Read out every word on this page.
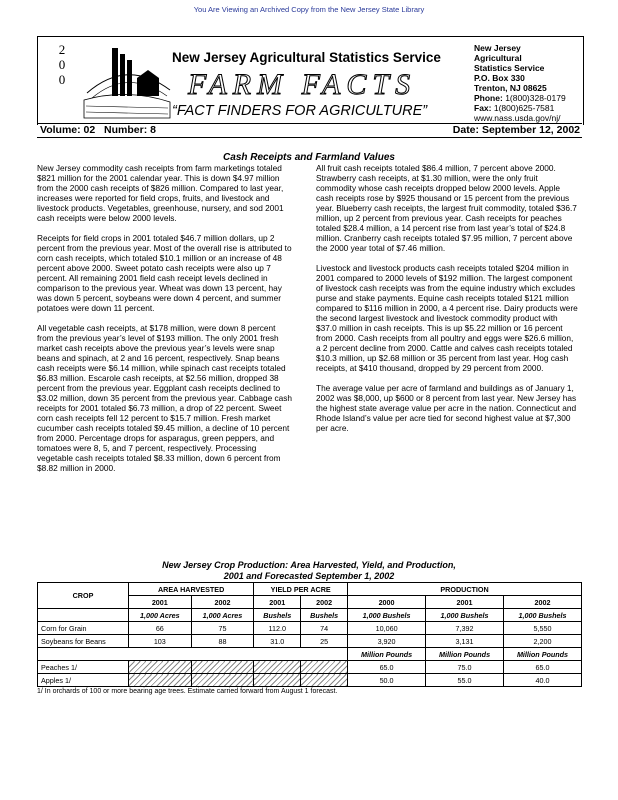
You Are Viewing an Archived Copy from the New Jersey State Library
2
0
0
New Jersey Agricultural Statistics Service
FARM FACTS
“FACT FINDERS FOR AGRICULTURE”
New Jersey
Agricultural
Statistics Service
P.O. Box 330
Trenton, NJ 08625
Phone: 1(800)328-0179
Fax: 1(800)625-7581
www.nass.usda.gov/nj/
Volume: 02 Number: 8	Date: September 12, 2002
Cash Receipts and Farmland Values

New Jersey commodity cash receipts from farm marketings totaled $821 million for the 2001 calendar year. This is down $4.97 million from the 2000 cash receipts of $826 million. Compared to last year, increases were reported for field crops, fruits, and livestock and livestock products. Vegetables, greenhouse, nursery, and sod 2001 cash receipts were below 2000 levels.

Receipts for field crops in 2001 totaled $46.7 million dollars, up 2 percent from the previous year. Most of the overall rise is attributed to corn cash receipts, which totaled $10.1 million or an increase of 48 percent above 2000. Sweet potato cash receipts were also up 7 percent. All remaining 2001 field cash receipt levels declined in comparison to the previous year. Wheat was down 13 percent, hay was down 5 percent, soybeans were down 4 percent, and summer potatoes were down 11 percent.

All vegetable cash receipts, at $178 million, were down 8 percent from the previous year’s level of $193 million. The only 2001 fresh market cash receipts above the previous year’s levels were snap beans and spinach, at 2 and 16 percent, respectively. Snap beans cash receipts were $6.14 million, while spinach cast receipts totaled $6.83 million. Escarole cash receipts, at $2.56 million, dropped 38 percent from the previous year. Eggplant cash receipts declined to $3.02 million, down 35 percent from the previous year. Cabbage cash receipts for 2001 totaled $6.73 million, a drop of 22 percent. Sweet corn cash receipts fell 12 percent to $15.7 million. Fresh market cucumber cash receipts totaled $9.45 million, a decline of 10 percent from 2000. Percentage drops for asparagus, green peppers, and tomatoes were 8, 5, and 7 percent, respectively. Processing vegetable cash receipts totaled $8.33 million, down 6 percent from $8.82 million in 2000.

All fruit cash receipts totaled $86.4 million, 7 percent above 2000. Strawberry cash receipts, at $1.30 million, were the only fruit commodity whose cash receipts dropped below 2000 levels. Apple cash receipts rose by $925 thousand or 15 percent from the previous year. Blueberry cash receipts, the largest fruit commodity, totaled $36.7 million, up 2 percent from previous year. Cash receipts for peaches totaled $28.4 million, a 14 percent rise from last year’s total of $24.8 million. Cranberry cash receipts totaled $7.95 million, 7 percent above the 2000 year total of $7.46 million.

Livestock and livestock products cash receipts totaled $204 million in 2001 compared to 2000 levels of $192 million. The largest component of livestock cash receipts was from the equine industry which excludes purse and stake payments. Equine cash receipts totaled $121 million compared to $116 million in 2000, a 4 percent rise. Dairy products were the second largest livestock and livestock commodity product with $37.0 million in cash receipts. This is up $5.22 million or 16 percent from 2000. Cash receipts from all poultry and eggs were $26.6 million, a 2 percent decline from 2000. Cattle and calves cash receipts totaled $10.3 million, up $2.68 million or 35 percent from last year. Hog cash receipts, at $410 thousand, dropped by 29 percent from 2000.

The average value per acre of farmland and buildings as of January 1, 2002 was $8,000, up $600 or 8 percent from last year. New Jersey has the highest state average value per acre in the nation. Connecticut and Rhode Island’s value per acre tied for second highest value at $7,300 per acre.

New Jersey Crop Production: Area Harvested, Yield, and Production,
2001 and Forecasted September 1, 2002
CROP	AREA HARVESTED		YIELD PER ACRE		PRODUCTION		
	2001	2002	2001	2002	2000	2001	2002
	1,000 Acres	1,000 Acres	Bushels	Bushels	1,000 Bushels	1,000 Bushels	1,000 Bushels
Corn for Grain	66	75	112.0	74	10,060	7,392	5,550
Soybeans for Beans	103	88	31.0	25	3,920	3,131	2,200
					Million Pounds	Million Pounds	Million Pounds
Peaches 1/					65.0	75.0	65.0
Apples 1/					50.0	55.0	40.0
1/ In orchards of 100 or more bearing age trees. Estimate carried forward from August 1 forecast.
